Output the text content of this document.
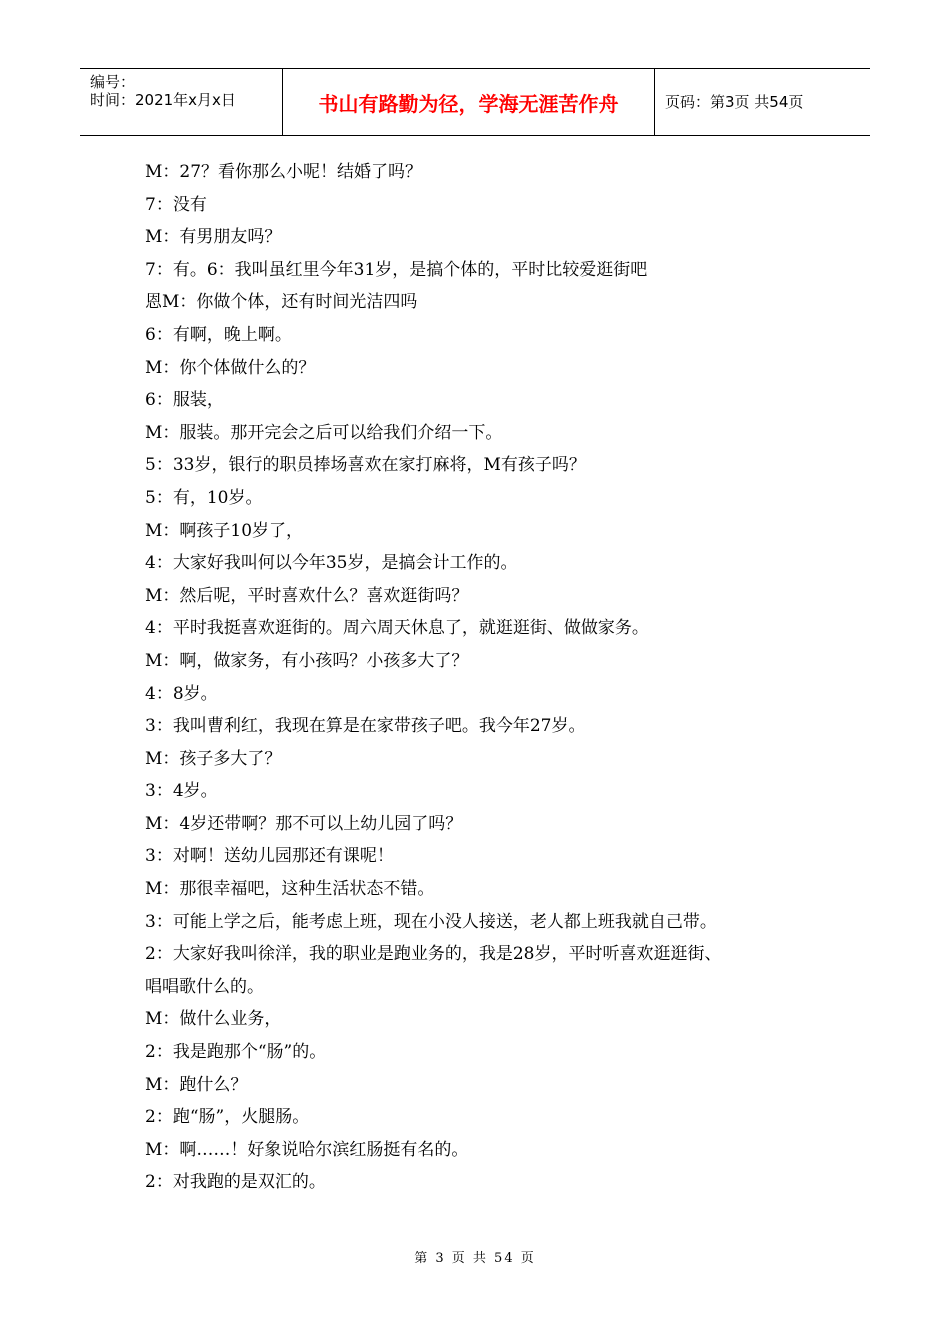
编号：
时间：2021年x月x日	书山有路勤为径，学海无涯苦作舟	页码：第3页 共54页
M：27？看你那么小呢！结婚了吗？
7：没有
M：有男朋友吗？
7：有。6：我叫虽红里今年31岁，是搞个体的，平时比较爱逛街吧
恩M：你做个体，还有时间光洁四吗
6：有啊，晚上啊。
M：你个体做什么的？
6：服装，
M：服装。那开完会之后可以给我们介绍一下。
5：33岁，银行的职员捧场喜欢在家打麻将，M有孩子吗？
5：有，10岁。
M：啊孩子10岁了，
4：大家好我叫何以今年35岁，是搞会计工作的。
M：然后呢，平时喜欢什么？喜欢逛街吗？
4：平时我挺喜欢逛街的。周六周天休息了，就逛逛街、做做家务。
M：啊，做家务，有小孩吗？小孩多大了？
4：8岁。
3：我叫曹利红，我现在算是在家带孩子吧。我今年27岁。
M：孩子多大了？
3：4岁。
M：4岁还带啊？那不可以上幼儿园了吗？
3：对啊！送幼儿园那还有课呢！
M：那很幸福吧，这种生活状态不错。
3：可能上学之后，能考虑上班，现在小没人接送，老人都上班我就自己带。
2：大家好我叫徐洋，我的职业是跑业务的，我是28岁，平时听喜欢逛逛街、
唱唱歌什么的。
M：做什么业务，
2：我是跑那个“肠”的。
M：跑什么？
2：跑“肠”，火腿肠。
M：啊……！好象说哈尔滨红肠挺有名的。
2：对我跑的是双汇的。
第 3 页 共 54 页
